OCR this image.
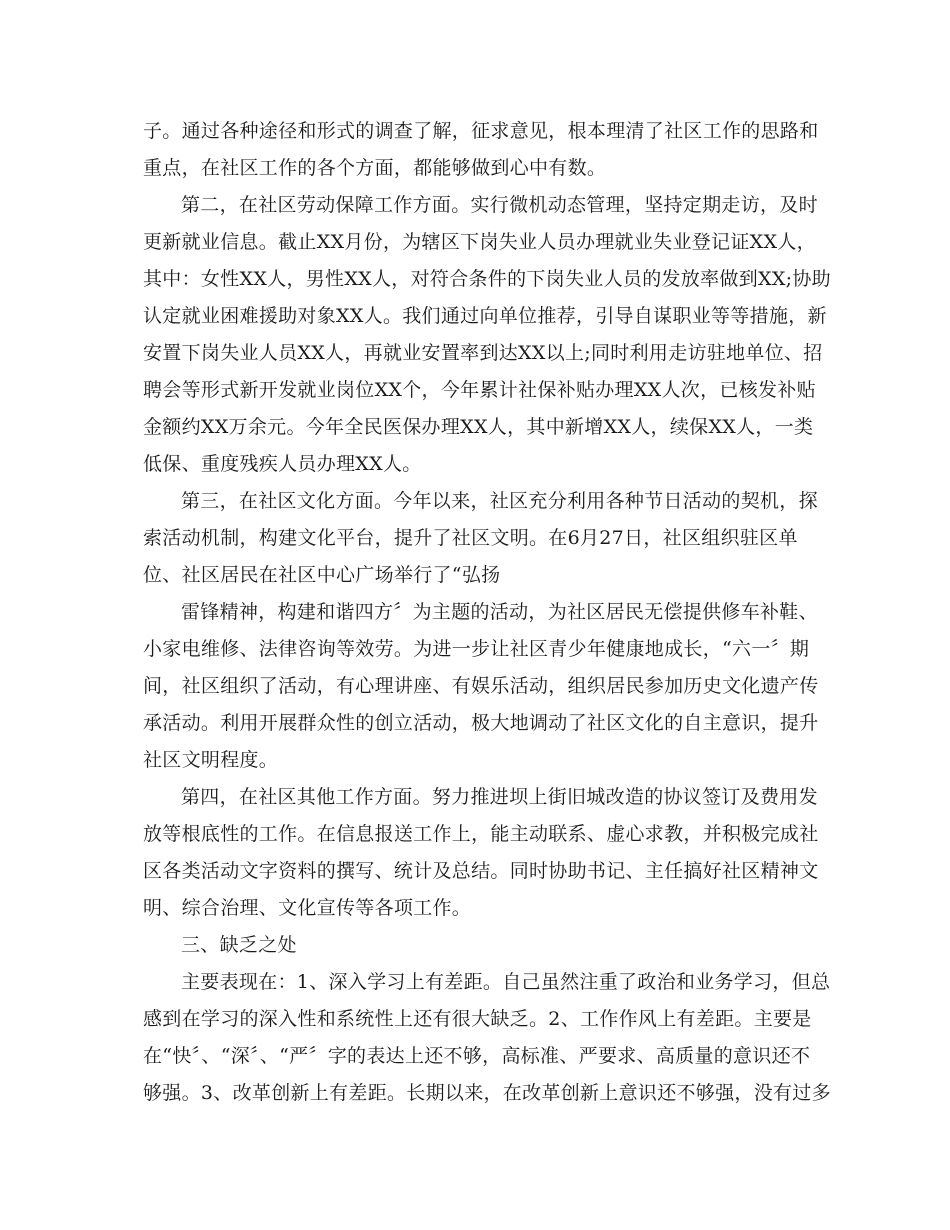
子。通过各种途径和形式的调查了解，征求意见，根本理清了社区工作的思路和
重点，在社区工作的各个方面，都能够做到心中有数。
第二，在社区劳动保障工作方面。实行微机动态管理，坚持定期走访，及时
更新就业信息。截止XX月份，为辖区下岗失业人员办理就业失业登记证XX人，
其中：女性XX人，男性XX人，对符合条件的下岗失业人员的发放率做到XX;协助
认定就业困难援助对象XX人。我们通过向单位推荐，引导自谋职业等等措施，新
安置下岗失业人员XX人，再就业安置率到达XX以上;同时利用走访驻地单位、招
聘会等形式新开发就业岗位XX个，今年累计社保补贴办理XX人次，已核发补贴
金额约XX万余元。今年全民医保办理XX人，其中新增XX人，续保XX人，一类
低保、重度残疾人员办理XX人。
第三，在社区文化方面。今年以来，社区充分利用各种节日活动的契机，探
索活动机制，构建文化平台，提升了社区文明。在6月27日，社区组织驻区单
位、社区居民在社区中心广场举行了“弘扬
雷锋精神，构建和谐四方〞为主题的活动，为社区居民无偿提供修车补鞋、
小家电维修、法律咨询等效劳。为进一步让社区青少年健康地成长，“六一〞期
间，社区组织了活动，有心理讲座、有娱乐活动，组织居民参加历史文化遗产传
承活动。利用开展群众性的创立活动，极大地调动了社区文化的自主意识，提升
社区文明程度。
第四，在社区其他工作方面。努力推进坝上街旧城改造的协议签订及费用发
放等根底性的工作。在信息报送工作上，能主动联系、虚心求教，并积极完成社
区各类活动文字资料的撰写、统计及总结。同时协助书记、主任搞好社区精神文
明、综合治理、文化宣传等各项工作。
三、缺乏之处
主要表现在：1、深入学习上有差距。自己虽然注重了政治和业务学习，但总
感到在学习的深入性和系统性上还有很大缺乏。2、工作作风上有差距。主要是
在“快〞、“深〞、“严〞字的表达上还不够，高标准、严要求、高质量的意识还不
够强。3、改革创新上有差距。长期以来，在改革创新上意识还不够强，没有过多
